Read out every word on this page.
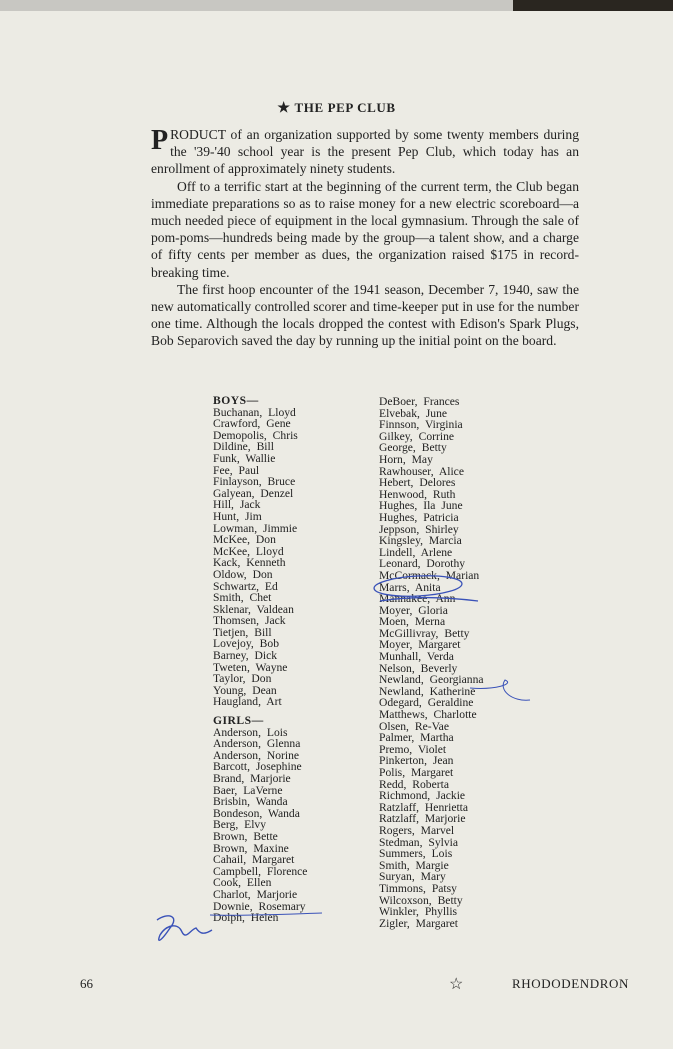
★ THE PEP CLUB

PRODUCT of an organization supported by some twenty members during the '39-'40 school year is the present Pep Club, which today has an enrollment of approximately ninety students.

Off to a terrific start at the beginning of the current term, the Club began immediate preparations so as to raise money for a new electric scoreboard—a much needed piece of equipment in the local gymnasium. Through the sale of pom-poms—hundreds being made by the group—a talent show, and a charge of fifty cents per member as dues, the organization raised $175 in record-breaking time.

The first hoop encounter of the 1941 season, December 7, 1940, saw the new automatically controlled scorer and time-keeper put in use for the number one time. Although the locals dropped the contest with Edison's Spark Plugs, Bob Separovich saved the day by running up the initial point on the board.

BOYS—
Buchanan, Lloyd
Crawford, Gene
Demopolis, Chris
Dildine, Bill
Funk, Wallie
Fee, Paul
Finlayson, Bruce
Galyean, Denzel
Hill, Jack
Hunt, Jim
Lowman, Jimmie
McKee, Don
McKee, Lloyd
Kack, Kenneth
Oldow, Don
Schwartz, Ed
Smith, Chet
Sklenar, Valdean
Thomsen, Jack
Tietjen, Bill
Lovejoy, Bob
Barney, Dick
Tweten, Wayne
Taylor, Don
Young, Dean
Haugland, Art
GIRLS—
Anderson, Lois
Anderson, Glenna
Anderson, Norine
Barcott, Josephine
Brand, Marjorie
Baer, LaVerne
Brisbin, Wanda
Bondeson, Wanda
Berg, Elvy
Brown, Bette
Brown, Maxine
Cahail, Margaret
Campbell, Florence
Cook, Ellen
Charlot, Marjorie
Downie, Rosemary
Dolph, Helen
DeBoer, Frances
Elvebak, June
Finnson, Virginia
Gilkey, Corrine
George, Betty
Horn, May
Rawhouser, Alice
Hebert, Delores
Henwood, Ruth
Hughes, Ila June
Hughes, Patricia
Jeppson, Shirley
Kingsley, Marcia
Lindell, Arlene
Leonard, Dorothy
McCormack, Marian
Marrs, Anita
Mannakee, Ann
Moyer, Gloria
Moen, Merna
McGillivray, Betty
Moyer, Margaret
Munhall, Verda
Nelson, Beverly
Newland, Georgianna
Newland, Katherine
Odegard, Geraldine
Matthews, Charlotte
Olsen, Re-Vae
Palmer, Martha
Premo, Violet
Pinkerton, Jean
Polis, Margaret
Redd, Roberta
Richmond, Jackie
Ratzlaff, Henrietta
Ratzlaff, Marjorie
Rogers, Marvel
Stedman, Sylvia
Summers, Lois
Smith, Margie
Suryan, Mary
Timmons, Patsy
Wilcoxson, Betty
Winkler, Phyllis
Zigler, Margaret
66	☆	RHODODENDRON
